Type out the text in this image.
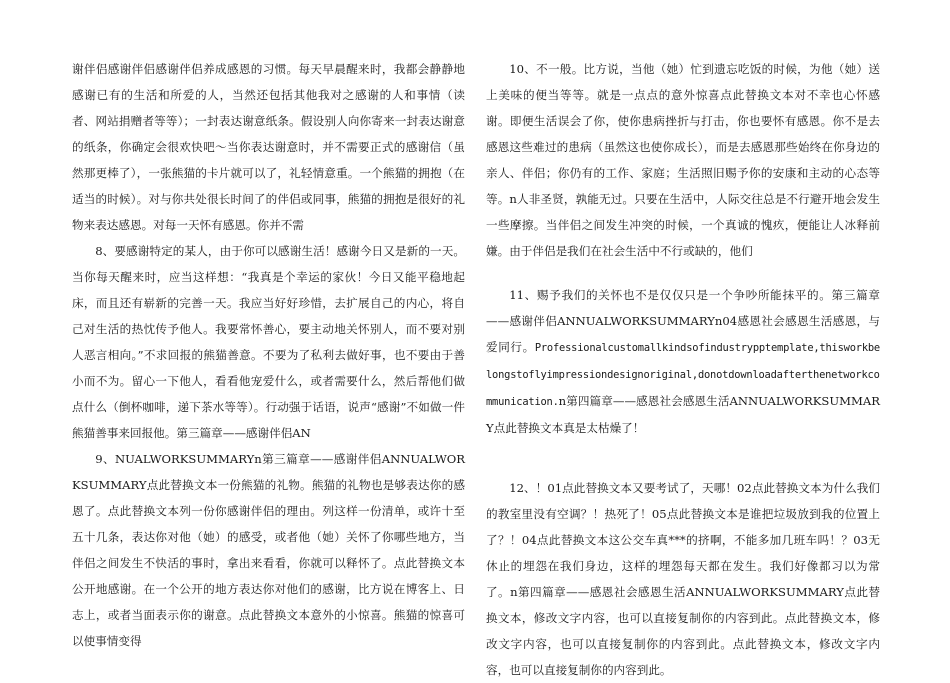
谢伴侣感谢伴侣感谢伴侣养成感恩的习惯。每天早晨醒来时，我都会静静地感谢已有的生活和所爱的人，当然还包括其他我对之感谢的人和事情（读者、网站捐赠者等等）；一封表达谢意纸条。假设别人向你寄来一封表达谢意的纸条，你确定会很欢快吧～当你表达谢意时，并不需要正式的感谢信（虽然那更棒了），一张熊猫的卡片就可以了，礼轻情意重。一个熊猫的拥抱（在适当的时候）。对与你共处很长时间了的伴侣或同事，熊猫的拥抱是很好的礼物来表达感恩。对每一天怀有感恩。你并不需

8、要感谢特定的某人，由于你可以感谢生活！感谢今日又是新的一天。当你每天醒来时，应当这样想：“我真是个幸运的家伙！今日又能平稳地起床，而且还有崭新的完善一天。我应当好好珍惜，去扩展自己的内心，将自己对生活的热忱传予他人。我要常怀善心，要主动地关怀别人，而不要对别人恶言相向。”不求回报的熊猫善意。不要为了私利去做好事，也不要由于善小而不为。留心一下他人，看看他宠爱什么，或者需要什么，然后帮他们做点什么（倒杯咖啡，递下茶水等等）。行动强于话语，说声“感谢”不如做一件熊猫善事来回报他。第三篇章——感谢伴侣AN

9、NUALWORKSUMMARYn第三篇章——感谢伴侣ANNUALWORKSUMMARY点此替换文本一份熊猫的礼物。熊猫的礼物也是够表达你的感恩了。点此替换文本列一份你感谢伴侣的理由。列这样一份清单，或许十至五十几条，表达你对他（她）的感受，或者他（她）关怀了你哪些地方，当伴侣之间发生不快活的事时，拿出来看看，你就可以释怀了。点此替换文本公开地感谢。在一个公开的地方表达你对他们的感谢，比方说在博客上、日志上，或者当面表示你的谢意。点此替换文本意外的小惊喜。熊猫的惊喜可以使事情变得

10、不一般。比方说，当他（她）忙到遗忘吃饭的时候，为他（她）送上美味的便当等等。就是一点点的意外惊喜点此替换文本对不幸也心怀感谢。即便生活误会了你，使你患病挫折与打击，你也要怀有感恩。你不是去感恩这些难过的患病（虽然这也使你成长），而是去感恩那些始终在你身边的亲人、伴侣；你仍有的工作、家庭；生活照旧赐予你的安康和主动的心态等等。n人非圣贤，孰能无过。只要在生活中，人际交往总是不行避开地会发生一些摩擦。当伴侣之间发生冲突的时候，一个真诚的愧疚，便能让人冰释前嫌。由于伴侣是我们在社会生活中不行或缺的，他们

11、赐予我们的关怀也不是仅仅只是一个争吵所能抹平的。第三篇章——感谢伴侣ANNUALWORKSUMMARYn04感恩社会感恩生活感恩，与爱同行。Professionalcustomallkindsofindustrypptemplate,thisworkbelongstoflyimpressiondesignoriginal,donotdownloadafterthenetworkcommunication.n第四篇章——感恩社会感恩生活ANNUALWORKSUMMARY点此替换文本真是太枯燥了！

12、！01点此替换文本又要考试了，天哪！02点此替换文本为什么我们的教室里没有空调？！热死了！05点此替换文本是谁把垃圾放到我的位置上了？！04点此替换文本这公交车真***的挤啊，不能多加几班车吗！？03无休止的埋怨在我们身边，这样的埋怨每天都在发生。我们好像都习以为常了。n第四篇章——感恩社会感恩生活ANNUALWORKSUMMARY点此替换文本，修改文字内容，也可以直接复制你的内容到此。点此替换文本，修改文字内容，也可以直接复制你的内容到此。点此替换文本，修改文字内容，也可以直接复制你的内容到此。
